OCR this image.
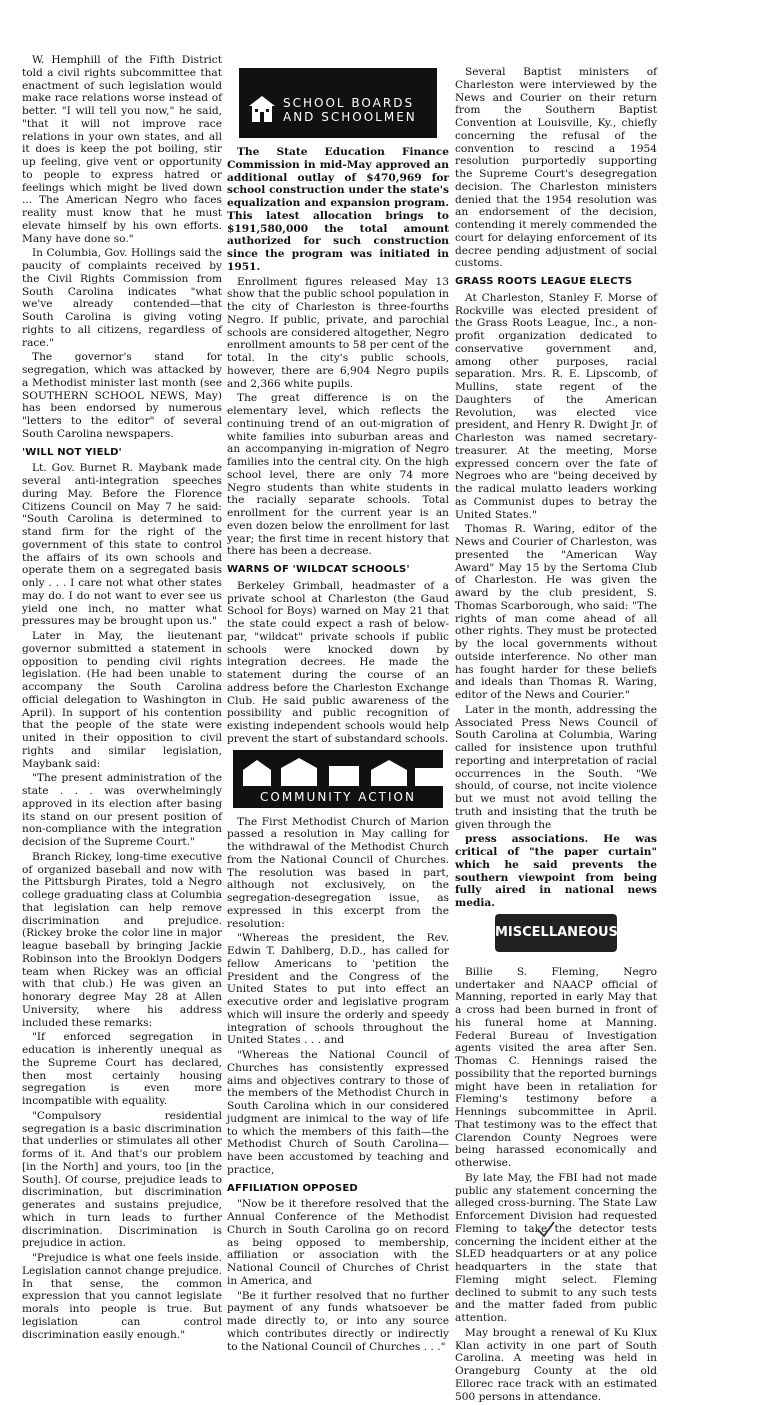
W. Hemphill of the Fifth District told a civil rights subcommittee that enactment of such legislation would make race relations worse instead of better. "I will tell you now," he said, "that it will not improve race relations in your own states, and all it does is keep the pot boiling, stir up feeling, give vent or opportunity to people to express hatred or feelings which might be lived down ... The American Negro who faces reality must know that he must elevate himself by his own efforts. Many have done so."

In Columbia, Gov. Hollings said the paucity of complaints received by the Civil Rights Commission from South Carolina indicates "what we've already contended—that South Carolina is giving voting rights to all citizens, regardless of race."

The governor's stand for segregation, which was attacked by a Methodist minister last month (see SOUTHERN SCHOOL NEWS, May) has been endorsed by numerous "letters to the editor" of several South Carolina newspapers.

'WILL NOT YIELD'

Lt. Gov. Burnet R. Maybank made several anti-integration speeches during May. Before the Florence Citizens Council on May 7 he said: "South Carolina is determined to stand firm for the right of the government of this state to control the affairs of its own schools and operate them on a segregated basis only . . . I care not what other states may do. I do not want to ever see us yield one inch, no matter what pressures may be brought upon us."

Later in May, the lieutenant governor submitted a statement in opposition to pending civil rights legislation. (He had been unable to accompany the South Carolina official delegation to Washington in April). In support of his contention that the people of the state were united in their opposition to civil rights and similar legislation, Maybank said:

"The present administration of the state . . . was overwhelmingly approved in its election after basing its stand on our present position of non-compliance with the integration decision of the Supreme Court."

Branch Rickey, long-time executive of organized baseball and now with the Pittsburgh Pirates, told a Negro college graduating class at Columbia that legislation can help remove discrimination and prejudice. (Rickey broke the color line in major league baseball by bringing Jackie Robinson into the Brooklyn Dodgers team when Rickey was an official with that club.) He was given an honorary degree May 28 at Allen University, where his address included these remarks:

"If enforced segregation in education is inherently unequal as the Supreme Court has declared, then most certainly housing segregation is even more incompatible with equality.

"Compulsory residential segregation is a basic discrimination that underlies or stimulates all other forms of it. And that's our problem [in the North] and yours, too [in the South]. Of course, prejudice leads to discrimination, but discrimination generates and sustains prejudice, which in turn leads to further discrimination. Discrimination is prejudice in action.

"Prejudice is what one feels inside. Legislation cannot change prejudice. In that sense, the common expression that you cannot legislate morals into people is true. But legislation can control discrimination easily enough."

SCHOOL BOARDS
AND SCHOOLMEN

The State Education Finance Commission in mid-May approved an additional outlay of $470,969 for school construction under the state's equalization and expansion program. This latest allocation brings to $191,580,000 the total amount authorized for such construction since the program was initiated in 1951.

Enrollment figures released May 13 show that the public school population in the city of Charleston is three-fourths Negro. If public, private, and parochial schools are considered altogether, Negro enrollment amounts to 58 per cent of the total. In the city's public schools, however, there are 6,904 Negro pupils and 2,366 white pupils.

The great difference is on the elementary level, which reflects the continuing trend of an out-migration of white families into suburban areas and an accompanying in-migration of Negro families into the central city. On the high school level, there are only 74 more Negro students than white students in the racially separate schools. Total enrollment for the current year is an even dozen below the enrollment for last year; the first time in recent history that there has been a decrease.

WARNS OF 'WILDCAT SCHOOLS'

Berkeley Grimball, headmaster of a private school at Charleston (the Gaud School for Boys) warned on May 21 that the state could expect a rash of below-par, "wildcat" private schools if public schools were knocked down by integration decrees. He made the statement during the course of an address before the Charleston Exchange Club. He said public awareness of the possibility and public recognition of existing independent schools would help prevent the start of substandard schools.

COMMUNITY ACTION

The First Methodist Church of Marion passed a resolution in May calling for the withdrawal of the Methodist Church from the National Council of Churches. The resolution was based in part, although not exclusively, on the segregation-desegregation issue, as expressed in this excerpt from the resolution:

"Whereas the president, the Rev. Edwin T. Dahlberg, D.D., has called for fellow Americans to 'petition the President and the Congress of the United States to put into effect an executive order and legislative program which will insure the orderly and speedy integration of schools throughout the United States . . . and

"Whereas the National Council of Churches has consistently expressed aims and objectives contrary to those of the members of the Methodist Church in South Carolina which in our considered judgment are inimical to the way of life to which the members of this faith—the Methodist Church of South Carolina—have been accustomed by teaching and practice,

AFFILIATION OPPOSED

"Now be it therefore resolved that the Annual Conference of the Methodist Church in South Carolina go on record as being opposed to membership, affiliation or association with the National Council of Churches of Christ in America, and

"Be it further resolved that no further payment of any funds whatsoever be made directly to, or into any source which contributes directly or indirectly to the National Council of Churches . . ."

Several Baptist ministers of Charleston were interviewed by the News and Courier on their return from the Southern Baptist Convention at Louisville, Ky., chiefly concerning the refusal of the convention to rescind a 1954 resolution purportedly supporting the Supreme Court's desegregation decision. The Charleston ministers denied that the 1954 resolution was an endorsement of the decision, contending it merely commended the court for delaying enforcement of its decree pending adjustment of social customs.

GRASS ROOTS LEAGUE ELECTS

At Charleston, Stanley F. Morse of Rockville was elected president of the Grass Roots League, Inc., a non-profit organization dedicated to conservative government and, among other purposes, racial separation. Mrs. R. E. Lipscomb, of Mullins, state regent of the Daughters of the American Revolution, was elected vice president, and Henry R. Dwight Jr. of Charleston was named secretary-treasurer. At the meeting, Morse expressed concern over the fate of Negroes who are "being deceived by the radical mulatto leaders working as Communist dupes to betray the United States."

Thomas R. Waring, editor of the News and Courier of Charleston, was presented the "American Way Award" May 15 by the Sertoma Club of Charleston. He was given the award by the club president, S. Thomas Scarborough, who said: "The rights of man come ahead of all other rights. They must be protected by the local governments without outside interference. No other man has fought harder for these beliefs and ideals than Thomas R. Waring, editor of the News and Courier."

Later in the month, addressing the Associated Press News Council of South Carolina at Columbia, Waring called for insistence upon truthful reporting and interpretation of racial occurrences in the South. "We should, of course, not incite violence but we must not avoid telling the truth and insisting that the truth be given through the

press associations. He was critical of "the paper curtain" which he said prevents the southern viewpoint from being fully aired in national news media.

MISCELLANEOUS

Billie S. Fleming, Negro undertaker and NAACP official of Manning, reported in early May that a cross had been burned in front of his funeral home at Manning. Federal Bureau of Investigation agents visited the area after Sen. Thomas C. Hennings raised the possibility that the reported burnings might have been in retaliation for Fleming's testimony before a Hennings subcommittee in April. That testimony was to the effect that Clarendon County Negroes were being harassed economically and otherwise.

By late May, the FBI had not made public any statement concerning the alleged cross-burning. The State Law Enforcement Division had requested Fleming to take the detector tests concerning the incident either at the SLED headquarters or at any police headquarters in the state that Fleming might select. Fleming declined to submit to any such tests and the matter faded from public attention.

May brought a renewal of Ku Klux Klan activity in one part of South Carolina. A meeting was held in Orangeburg County at the old Ellorec race track with an estimated 500 persons in attendance.
